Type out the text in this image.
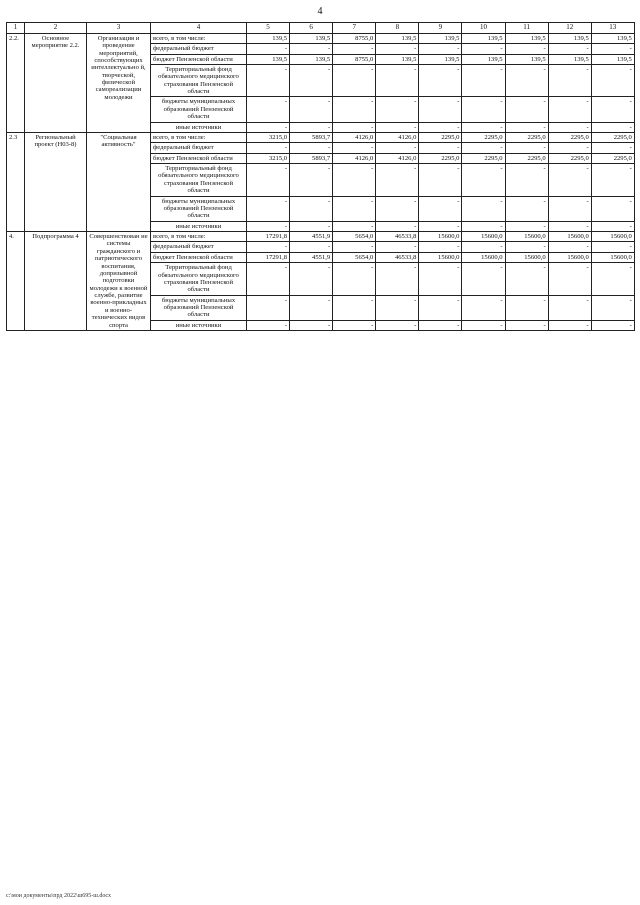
4
1	2	3	4	5	6	7	8	9	10	11	12	13
2.2.	Основное мероприятие 2.2.	Организация и проведение мероприятий, способствующих интеллектуально й, творческой, физической самореализации молодежи	всего, в том числе:	139,5	139,5	8755,0	139,5	139,5	139,5	139,5	139,5	139,5
			федеральный бюджет	-	-	-	-	-	-	-	-	-
			бюджет Пензенской области	139,5	139,5	8755,0	139,5	139,5	139,5	139,5	139,5	139,5
			Территориальный фонд обязательного медицинского страхования Пензенской области	-	-	-	-	-	-	-	-	-
			бюджеты муниципальных образований Пензенской области	-	-	-	-	-	-	-	-	-
			иные источники	-	-	-	-	-	-	-	-	-
2.3	Региональный проект (Н03-8)	"Социальная активность"	всего, в том числе:	3215,0	5893,7	4126,0	4126,0	2295,0	2295,0	2295,0	2295,0	2295,0
			федеральный бюджет	-	-	-	-	-	-	-	-	-
			бюджет Пензенской области	3215,0	5893,7	4126,0	4126,0	2295,0	2295,0	2295,0	2295,0	2295,0
			Территориальный фонд обязательного медицинского страхования Пензенской области	-	-	-	-	-	-	-	-	-
			бюджеты муниципальных образований Пензенской области	-	-	-	-	-	-	-	-	-
			иные источники	-	-	-	-	-	-	-	-	-
4.	Подпрограмма 4	Совершенствован ие системы гражданского и патриотического воспитания, допризывной подготовки молодежи к военной службе, развитие военно-прикладных и военно-технических видов спорта	всего, в том числе:	17291,8	4551,9	5654,0	46533,8	15600,0	15600,0	15600,0	15600,0	15600,0
			федеральный бюджет	-	-	-	-	-	-	-	-	-
			бюджет Пензенской области	17291,8	4551,9	5654,0	46533,8	15600,0	15600,0	15600,0	15600,0	15600,0
			Территориальный фонд обязательного медицинского страхования Пензенской области	-	-	-	-	-	-	-	-	-
			бюджеты муниципальных образований Пензенской области	-	-	-	-	-	-	-	-	-
			иные источники	-	-	-	-	-	-	-	-	-
c:\мои документы\прд 2022\ш695-ш.docx
